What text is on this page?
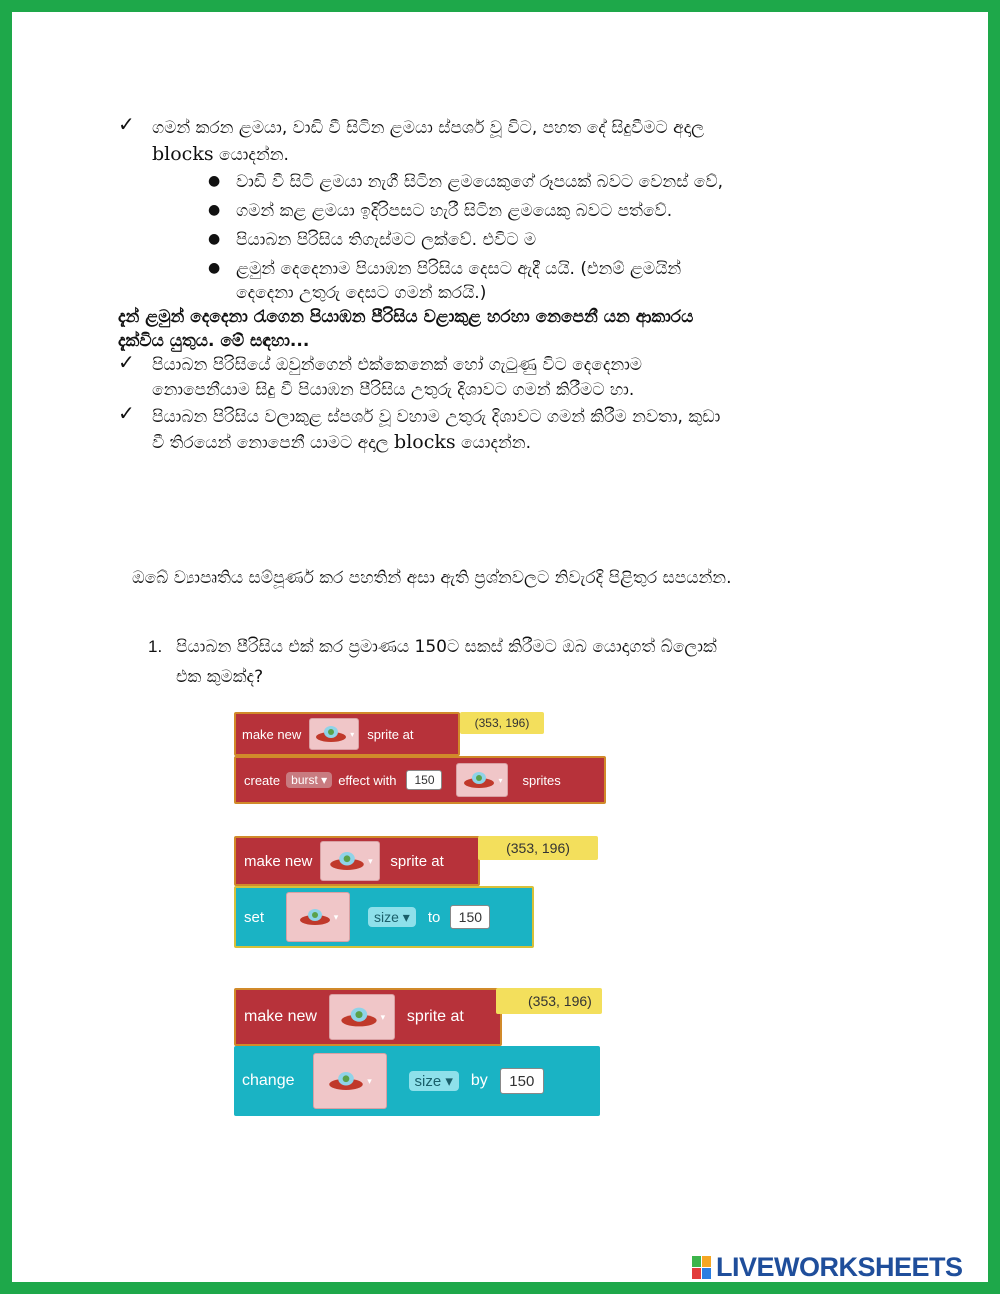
✓ ගමන් කරන ළමයා, වාඩි වී සිටින ළමයා ස්පර්ශ වූ විට, පහත දේ සිදුවීමට අදාල
blocks යොදන්න.
● වාඩි වී සිටි ළමයා නැගී සිටින ළමයෙකුගේ රූපයක් බවට වෙනස් වේ,
● ගමන් කළ ළමයා ඉදිරිපසට හැරී සිටින ළමයෙකු බවට පත්වේ.
● පියාබන පිරිසිය තිගැස්මට ලක්වේ. එවිට ම
● ළමුන් දෙදෙනාම පියාඹන පිරිසිය දෙසට ඇදී යයි. (එනම් ළමයින්
දෙදෙනා උතුරු දෙසට ගමන් කරයි.)
දැන් ළමුන් දෙදෙනා රැගෙන පියාඹන පීරිසිය වළාකුළ හරහා නෙපෙනී යන ආකාරය
දැක්විය යුතුය. මේ සඳහා...
✓ පියාබන පිරිසියේ ඔවුන්ගෙන් එක්කෙනෙක් හෝ ගැටුණු විට දෙදෙනාම
නොපෙනීයාම සිදු වී පියාඹන පීරිසිය උතුරු දිශාවට ගමන් කිරීමට හා.
✓ පියාබන පිරිසිය වලාකුළ ස්පර්ශ වූ වහාම උතුරු දිශාවට ගමන් කිරීම නවතා, කුඩා
වී තිරයෙන් නොපෙනී යාමට අදාල blocks යොදන්න.
ඔබේ ව්‍යාපෘතිය සම්පූර්ණ කර පහතින් අසා ඇති ප්‍රශ්නවලට නිවැරදි පිළිතුර සපයන්න.
1. පියාබන පීරිසිය එක් කර ප්‍රමාණය 150ට සකස් කිරීමට ඔබ යොදාගත් බ්ලොක්
එක කුමක්ද?
make new	▾ sprite at
(353, 196)
create burst ▾ effect with	150	▾ sprites
make new	▾ sprite at
(353, 196)
set	▾	size ▾	to	150
make new	▾ sprite at
(353, 196)
change	▾	size ▾	by	150
LIVEWORKSHEETS
